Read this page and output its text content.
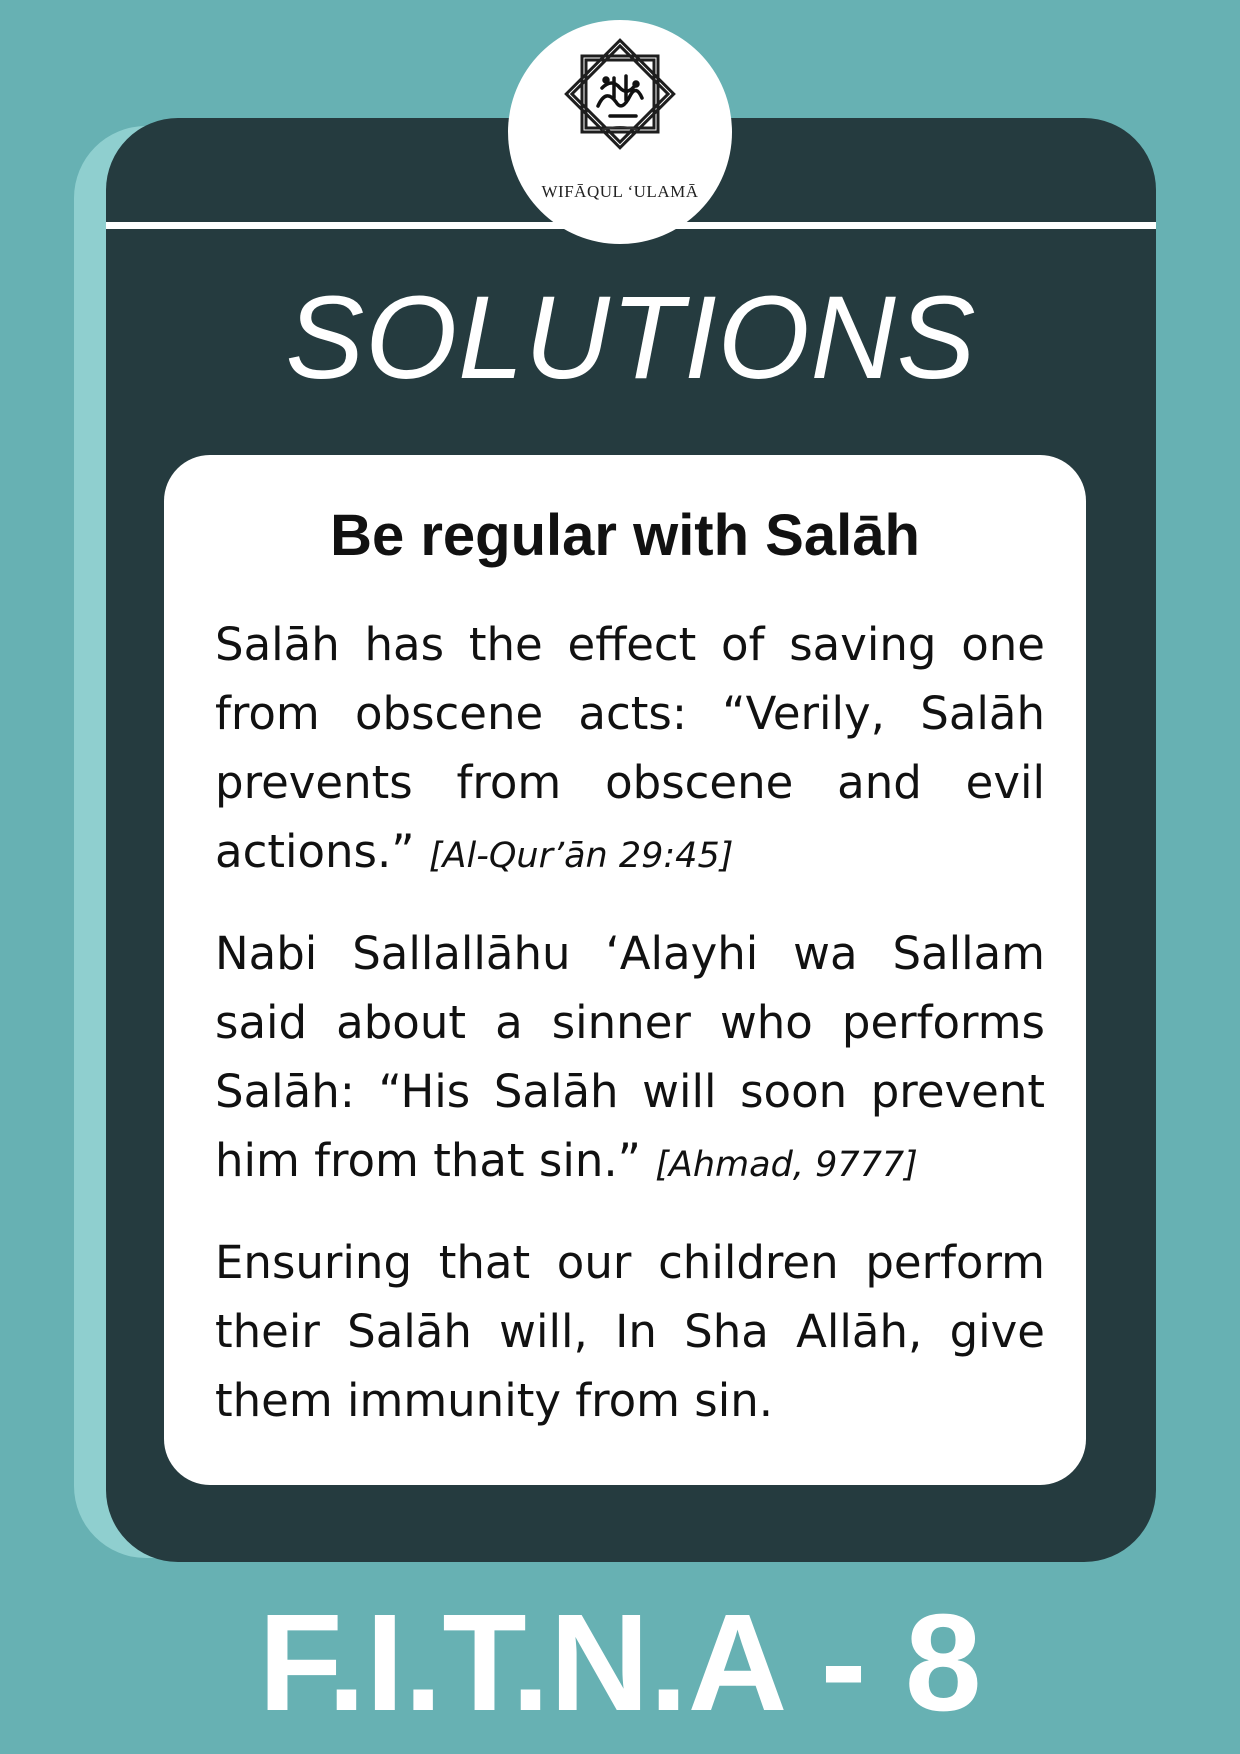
WIFĀQUL ‘ULAMĀ
SOLUTIONS
Be regular with Salāh

Salāh has the effect of saving one from obscene acts: “Verily, Salāh prevents from obscene and evil actions.” [Al-Qur’ān 29:45]

Nabi Sallallāhu ‘Alayhi wa Sallam said about a sinner who performs Salāh: “His Salāh will soon prevent him from that sin.” [Ahmad, 9777]

Ensuring that our children perform their Salāh will, In Sha Allāh, give them immunity from sin.

F.I.T.N.A - 8
